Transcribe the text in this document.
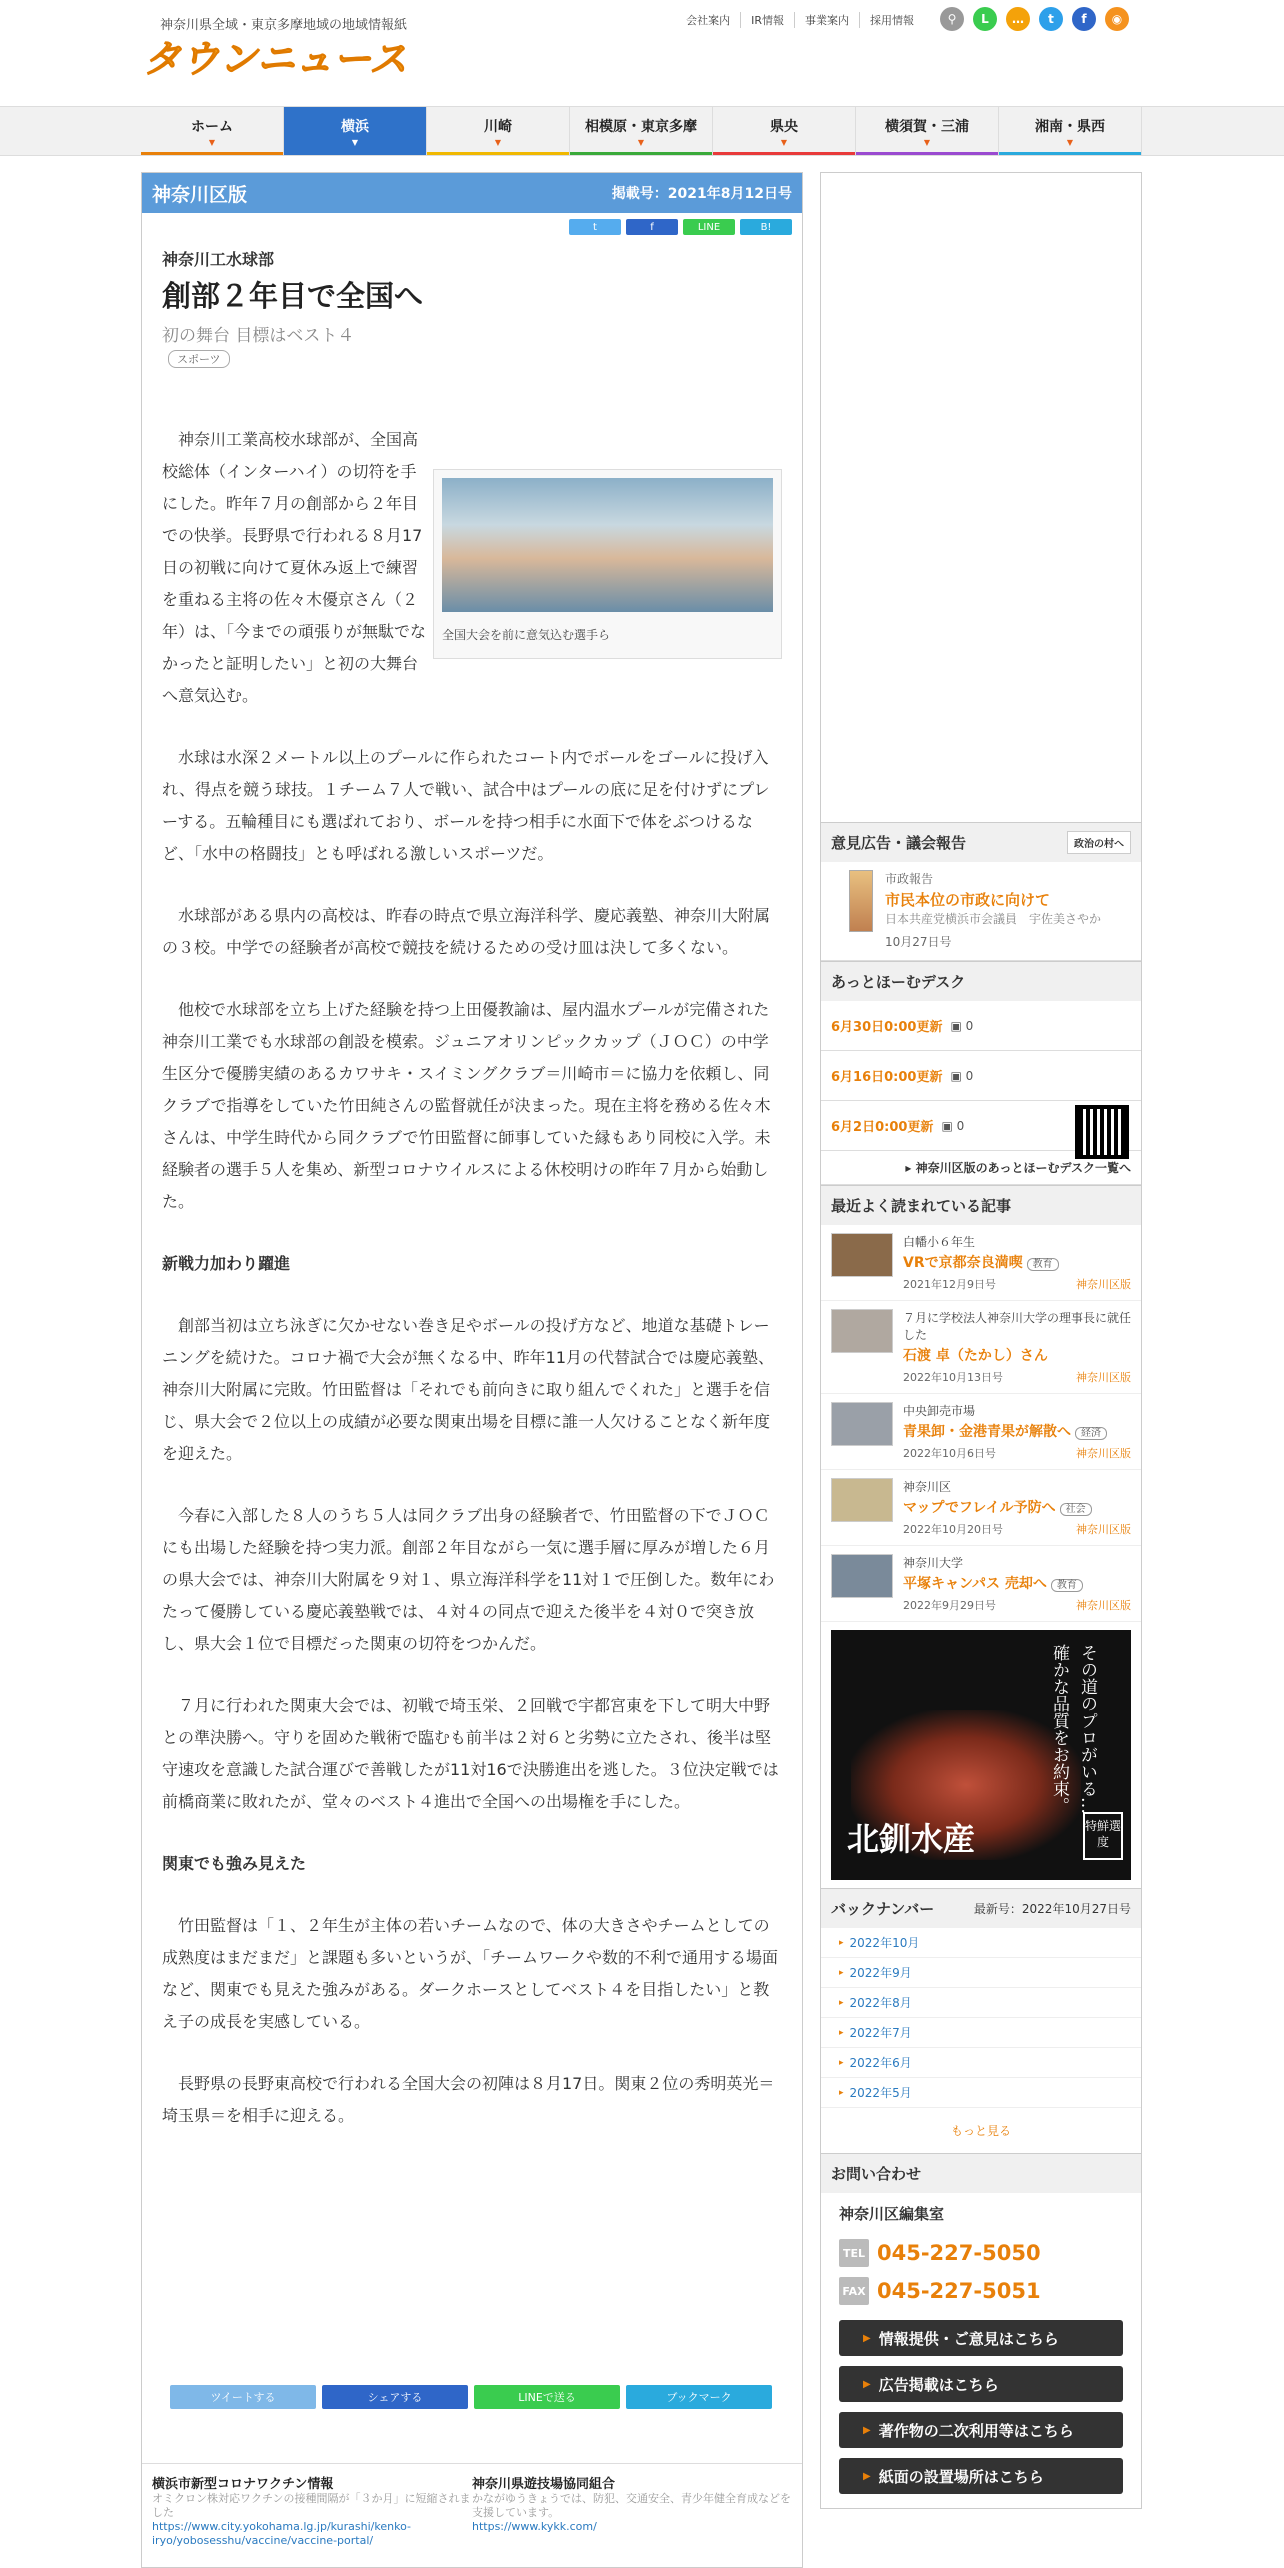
神奈川県全域・東京多摩地域の地域情報紙
タウンニュース
会社案内	IR情報	事業案内	採用情報	⚲	L	…	t	f	◉
ホーム
▼
横浜
▼
川崎
▼
相模原・東京多摩
▼
県央
▼
横須賀・三浦
▼
湘南・県西
▼
神奈川区版	掲載号：2021年8月12日号
t	f	LINE	B!
神奈川工水球部
創部２年目で全国へ
初の舞台 目標はベスト４
スポーツ
全国大会を前に意気込む選手ら

神奈川工業高校水球部が、全国高校総体（インターハイ）の切符を手にした。昨年７月の創部から２年目での快挙。長野県で行われる８月17日の初戦に向けて夏休み返上で練習を重ねる主将の佐々木優京さん（２年）は、「今までの頑張りが無駄でなかったと証明したい」と初の大舞台へ意気込む。

水球は水深２メートル以上のプールに作られたコート内でボールをゴールに投げ入れ、得点を競う球技。１チーム７人で戦い、試合中はプールの底に足を付けずにプレーする。五輪種目にも選ばれており、ボールを持つ相手に水面下で体をぶつけるなど、「水中の格闘技」とも呼ばれる激しいスポーツだ。

水球部がある県内の高校は、昨春の時点で県立海洋科学、慶応義塾、神奈川大附属の３校。中学での経験者が高校で競技を続けるための受け皿は決して多くない。

他校で水球部を立ち上げた経験を持つ上田優教諭は、屋内温水プールが完備された神奈川工業でも水球部の創設を模索。ジュニアオリンピックカップ（ＪＯＣ）の中学生区分で優勝実績のあるカワサキ・スイミングクラブ＝川崎市＝に協力を依頼し、同クラブで指導をしていた竹田純さんの監督就任が決まった。現在主将を務める佐々木さんは、中学生時代から同クラブで竹田監督に師事していた縁もあり同校に入学。未経験者の選手５人を集め、新型コロナウイルスによる休校明けの昨年７月から始動した。

新戦力加わり躍進

創部当初は立ち泳ぎに欠かせない巻き足やボールの投げ方など、地道な基礎トレーニングを続けた。コロナ禍で大会が無くなる中、昨年11月の代替試合では慶応義塾、神奈川大附属に完敗。竹田監督は「それでも前向きに取り組んでくれた」と選手を信じ、県大会で２位以上の成績が必要な関東出場を目標に誰一人欠けることなく新年度を迎えた。

今春に入部した８人のうち５人は同クラブ出身の経験者で、竹田監督の下でＪＯＣにも出場した経験を持つ実力派。創部２年目ながら一気に選手層に厚みが増した６月の県大会では、神奈川大附属を９対１、県立海洋科学を11対１で圧倒した。数年にわたって優勝している慶応義塾戦では、４対４の同点で迎えた後半を４対０で突き放し、県大会１位で目標だった関東の切符をつかんだ。

７月に行われた関東大会では、初戦で埼玉栄、２回戦で宇都宮東を下して明大中野との準決勝へ。守りを固めた戦術で臨むも前半は２対６と劣勢に立たされ、後半は堅守速攻を意識した試合運びで善戦したが11対16で決勝進出を逃した。３位決定戦では前橋商業に敗れたが、堂々のベスト４進出で全国への出場権を手にした。

関東でも強み見えた

竹田監督は「１、２年生が主体の若いチームなので、体の大きさやチームとしての成熟度はまだまだ」と課題も多いというが、「チームワークや数的不利で通用する場面など、関東でも見えた強みがある。ダークホースとしてベスト４を目指したい」と教え子の成長を実感している。

長野県の長野東高校で行われる全国大会の初陣は８月17日。関東２位の秀明英光＝埼玉県＝を相手に迎える。

ツイートする	シェアする	LINEで送る	ブックマーク
横浜市新型コロナワクチン情報

オミクロン株対応ワクチンの接種間隔が「３か月」に短縮されました
https://www.city.yokohama.lg.jp/kurashi/kenko-iryo/yobosesshu/vaccine/vaccine-portal/
神奈川県遊技場協同組合

かながゆうきょうでは、防犯、交通安全、青少年健全育成などを支援しています。
https://www.kykk.com/
意見広告・議会報告	政治の村へ
市政報告
市民本位の市政に向けて
日本共産党横浜市会議員　宇佐美さやか
10月27日号
あっとほーむデスク
6月30日0:00更新 ▣ 0
6月16日0:00更新 ▣ 0
6月2日0:00更新 ▣ 0
▸ 神奈川区版のあっとほーむデスク一覧へ
最近よく読まれている記事
白幡小６年生
VRで京都奈良満喫 教育
2021年12月9日号	神奈川区版
７月に学校法人神奈川大学の理事長に就任した
石渡 卓（たかし）さん
2022年10月13日号	神奈川区版
中央卸売市場
青果卸・金港青果が解散へ 経済
2022年10月6日号	神奈川区版
神奈川区
マップでフレイル予防へ 社会
2022年10月20日号	神奈川区版
神奈川大学
平塚キャンパス 売却へ 教育
2022年9月29日号	神奈川区版
その道のプロがいる…
確かな品質をお約束。
北釧水産	特鮮選度
バックナンバー	最新号：2022年10月27日号
▸ 2022年10月
▸ 2022年9月
▸ 2022年8月
▸ 2022年7月
▸ 2022年6月
▸ 2022年5月
もっと見る
お問い合わせ
神奈川区編集室
TEL 045-227-5050
FAX 045-227-5051
▶ 情報提供・ご意見はこちら
▶ 広告掲載はこちら
▶ 著作物の二次利用等はこちら
▶ 紙面の設置場所はこちら
